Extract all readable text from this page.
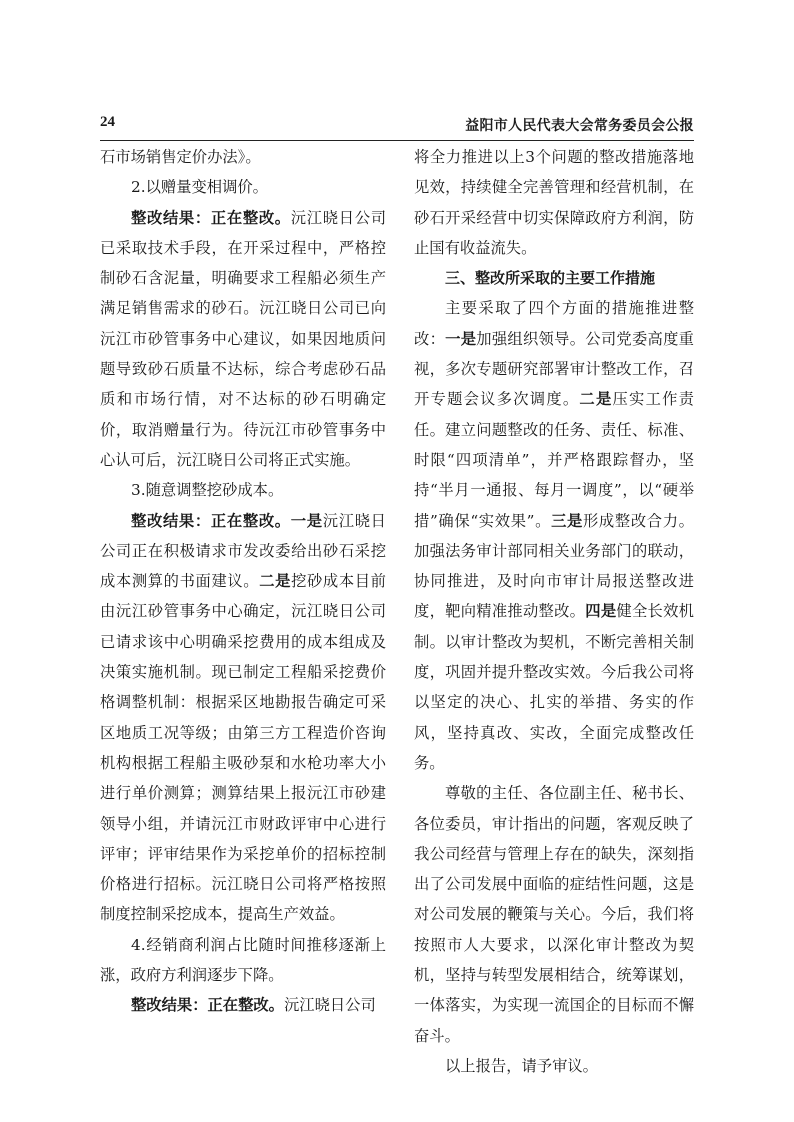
24	益阳市人民代表大会常务委员会公报

石市场销售定价办法》。

2.以赠量变相调价。

整改结果：正在整改。沅江晓日公司已采取技术手段，在开采过程中，严格控制砂石含泥量，明确要求工程船必须生产满足销售需求的砂石。沅江晓日公司已向沅江市砂管事务中心建议，如果因地质问题导致砂石质量不达标，综合考虑砂石品质和市场行情，对不达标的砂石明确定价，取消赠量行为。待沅江市砂管事务中心认可后，沅江晓日公司将正式实施。

3.随意调整挖砂成本。

整改结果：正在整改。一是沅江晓日公司正在积极请求市发改委给出砂石采挖成本测算的书面建议。二是挖砂成本目前由沅江砂管事务中心确定，沅江晓日公司已请求该中心明确采挖费用的成本组成及决策实施机制。现已制定工程船采挖费价格调整机制：根据采区地勘报告确定可采区地质工况等级；由第三方工程造价咨询机构根据工程船主吸砂泵和水枪功率大小进行单价测算；测算结果上报沅江市砂建领导小组，并请沅江市财政评审中心进行评审；评审结果作为采挖单价的招标控制价格进行招标。沅江晓日公司将严格按照制度控制采挖成本，提高生产效益。

4.经销商利润占比随时间推移逐渐上涨，政府方利润逐步下降。

整改结果：正在整改。沅江晓日公司

将全力推进以上3个问题的整改措施落地见效，持续健全完善管理和经营机制，在砂石开采经营中切实保障政府方利润，防止国有收益流失。

三、整改所采取的主要工作措施

主要采取了四个方面的措施推进整改：一是加强组织领导。公司党委高度重视，多次专题研究部署审计整改工作，召开专题会议多次调度。二是压实工作责任。建立问题整改的任务、责任、标准、时限“四项清单”，并严格跟踪督办，坚持“半月一通报、每月一调度”，以“硬举措”确保“实效果”。三是形成整改合力。加强法务审计部同相关业务部门的联动，协同推进，及时向市审计局报送整改进度，靶向精准推动整改。四是健全长效机制。以审计整改为契机，不断完善相关制度，巩固并提升整改实效。今后我公司将以坚定的决心、扎实的举措、务实的作风，坚持真改、实改，全面完成整改任务。

尊敬的主任、各位副主任、秘书长、各位委员，审计指出的问题，客观反映了我公司经营与管理上存在的缺失，深刻指出了公司发展中面临的症结性问题，这是对公司发展的鞭策与关心。今后，我们将按照市人大要求，以深化审计整改为契机，坚持与转型发展相结合，统筹谋划，一体落实，为实现一流国企的目标而不懈奋斗。

以上报告，请予审议。
